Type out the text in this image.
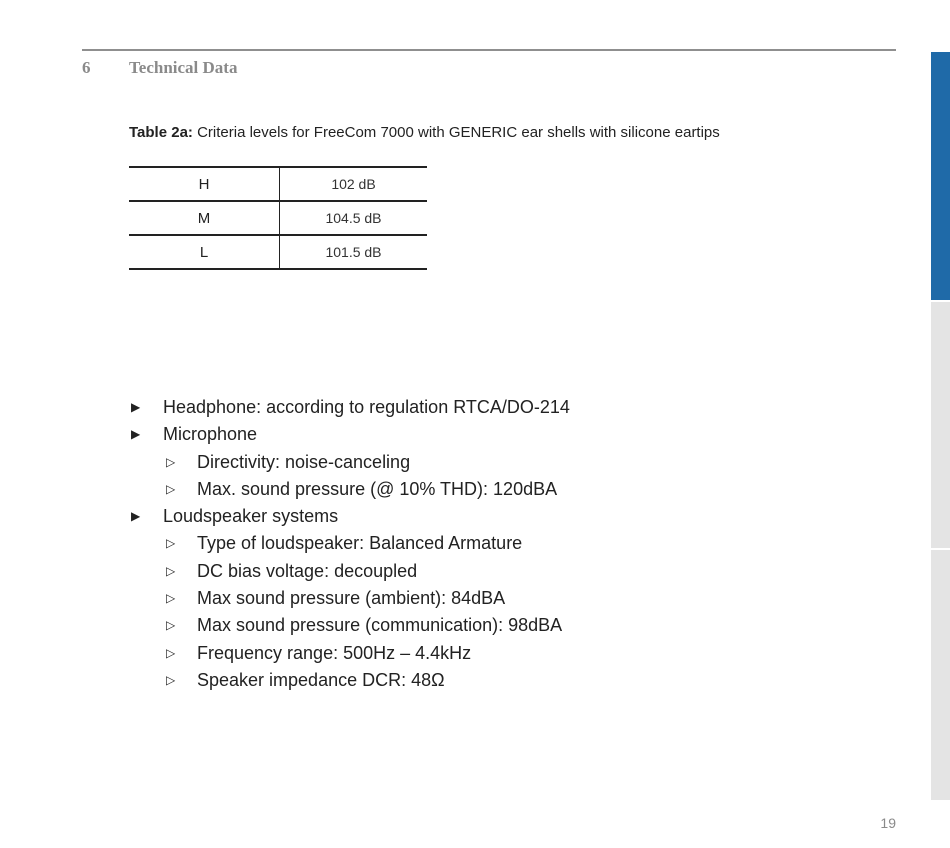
6 Technical Data
Table 2a: Criteria levels for FreeCom 7000 with GENERIC ear shells with silicone eartips
H	102 dB
M	104.5 dB
L	101.5 dB
▶ Headphone: according to regulation RTCA/DO-214
▶ Microphone
▷ Directivity: noise-canceling
▷ Max. sound pressure (@ 10% THD): 120dBA
▶ Loudspeaker systems
▷ Type of loudspeaker: Balanced Armature
▷ DC bias voltage: decoupled
▷ Max sound pressure (ambient): 84dBA
▷ Max sound pressure (communication): 98dBA
▷ Frequency range: 500Hz – 4.4kHz
▷ Speaker impedance DCR: 48Ω
19
